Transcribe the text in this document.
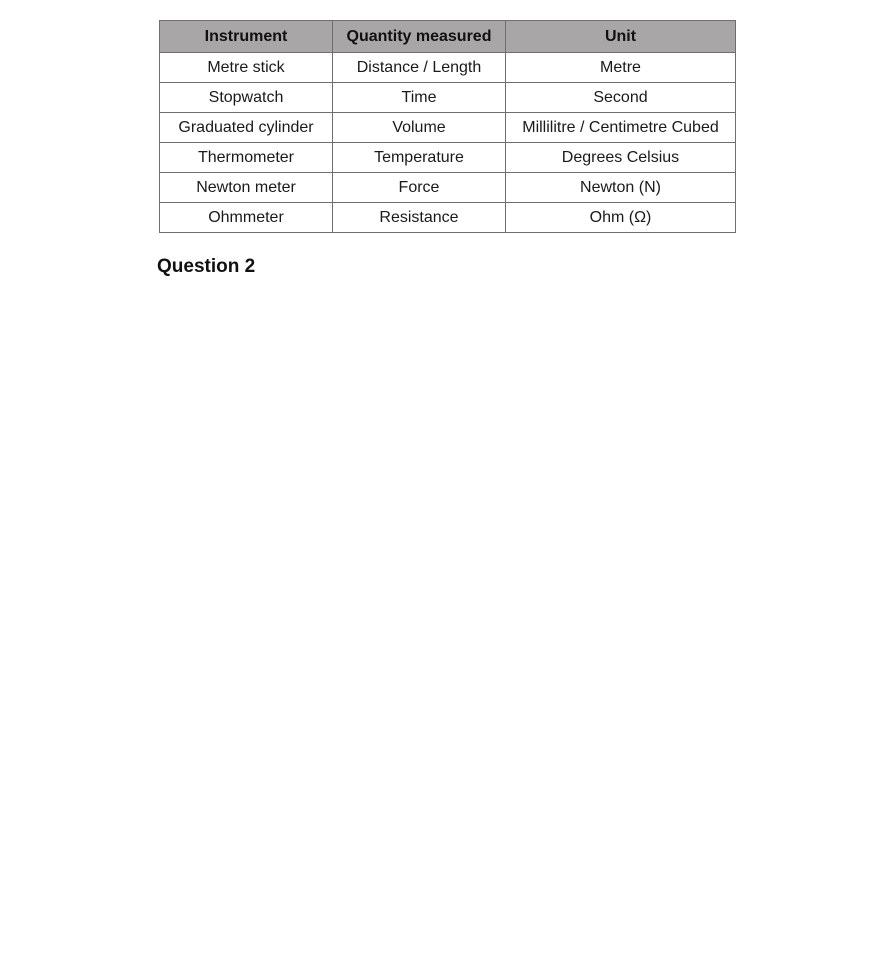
Instrument	Quantity measured	Unit
Metre stick	Distance / Length	Metre
Stopwatch	Time	Second
Graduated cylinder	Volume	Millilitre / Centimetre Cubed
Thermometer	Temperature	Degrees Celsius
Newton meter	Force	Newton (N)
Ohmmeter	Resistance	Ohm (Ω)
Question 2
